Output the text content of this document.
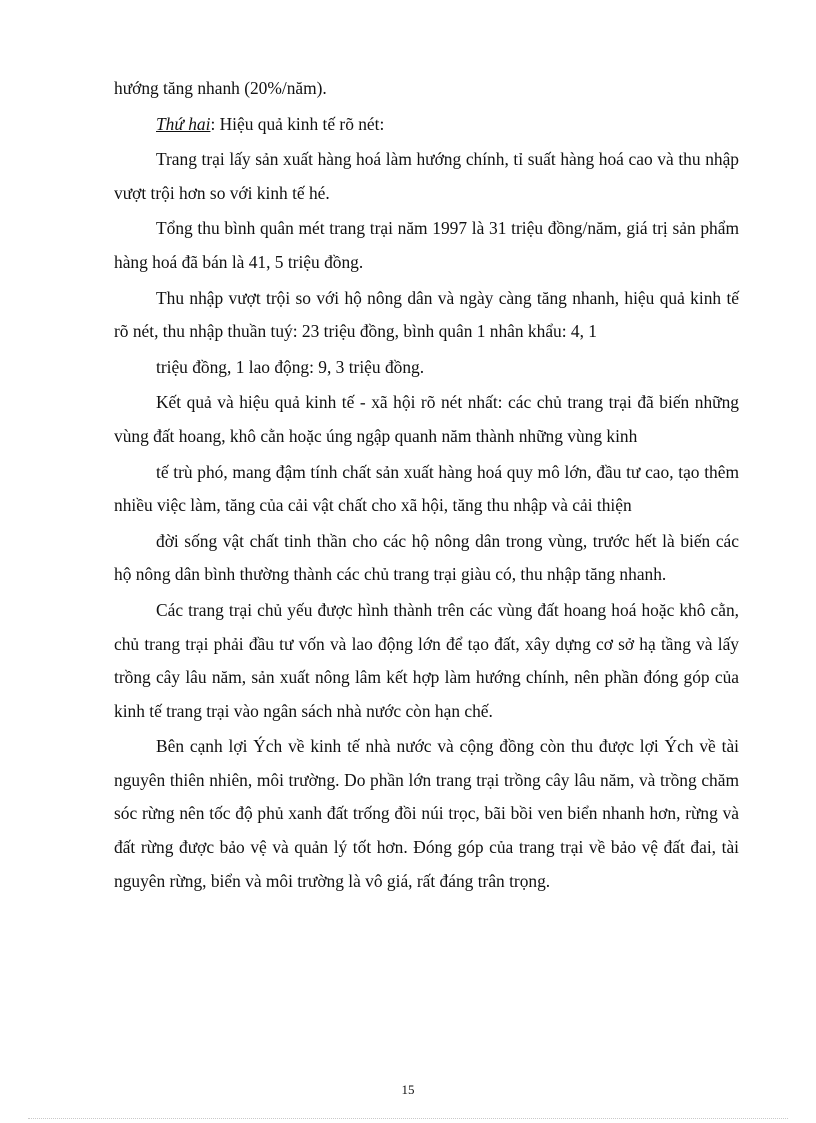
hướng tăng nhanh (20%/năm).

Thứ hai: Hiệu quả kinh tế rõ nét:

Trang trại lấy sản xuất hàng hoá làm hướng chính, tỉ suất hàng hoá cao và thu nhập vượt trội hơn so với kinh tế hé.

Tổng thu bình quân mét trang trại năm 1997 là 31 triệu đồng/năm, giá trị sản phẩm hàng hoá đã bán là 41, 5 triệu đồng.

Thu nhập vượt trội so với hộ nông dân và ngày càng tăng nhanh, hiệu quả kinh tế rõ nét, thu nhập thuần tuý: 23 triệu đồng, bình quân 1 nhân khẩu: 4, 1

triệu đồng, 1 lao động: 9, 3 triệu đồng.

Kết quả và hiệu quả kinh tế - xã hội rõ nét nhất: các chủ trang trại đã biến những vùng đất hoang, khô cằn hoặc úng ngập quanh năm thành những vùng kinh

tế trù phó, mang đậm tính chất sản xuất hàng hoá quy mô lớn, đầu tư cao, tạo thêm nhiều việc làm, tăng của cải vật chất cho xã hội, tăng thu nhập và cải thiện

đời sống vật chất tinh thần cho các hộ nông dân trong vùng, trước hết là biến các hộ nông dân bình thường thành các chủ trang trại giàu có, thu nhập tăng nhanh.

Các trang trại chủ yếu được hình thành trên các vùng đất hoang hoá hoặc khô cằn, chủ trang trại phải đầu tư vốn và lao động lớn để tạo đất, xây dựng cơ sở hạ tầng và lấy trồng cây lâu năm, sản xuất nông lâm kết hợp làm hướng chính, nên phần đóng góp của kinh tế trang trại vào ngân sách nhà nước còn hạn chế.

Bên cạnh lợi Ých về kinh tế nhà nước và cộng đồng còn thu được lợi Ých về tài nguyên thiên nhiên, môi trường. Do phần lớn trang trại trồng cây lâu năm, và trồng chăm sóc rừng nên tốc độ phủ xanh đất trống đồi núi trọc, bãi bồi ven biển nhanh hơn, rừng và đất rừng được bảo vệ và quản lý tốt hơn. Đóng góp của trang trại về bảo vệ đất đai, tài nguyên rừng, biển và môi trường là vô giá, rất đáng trân trọng.

15
